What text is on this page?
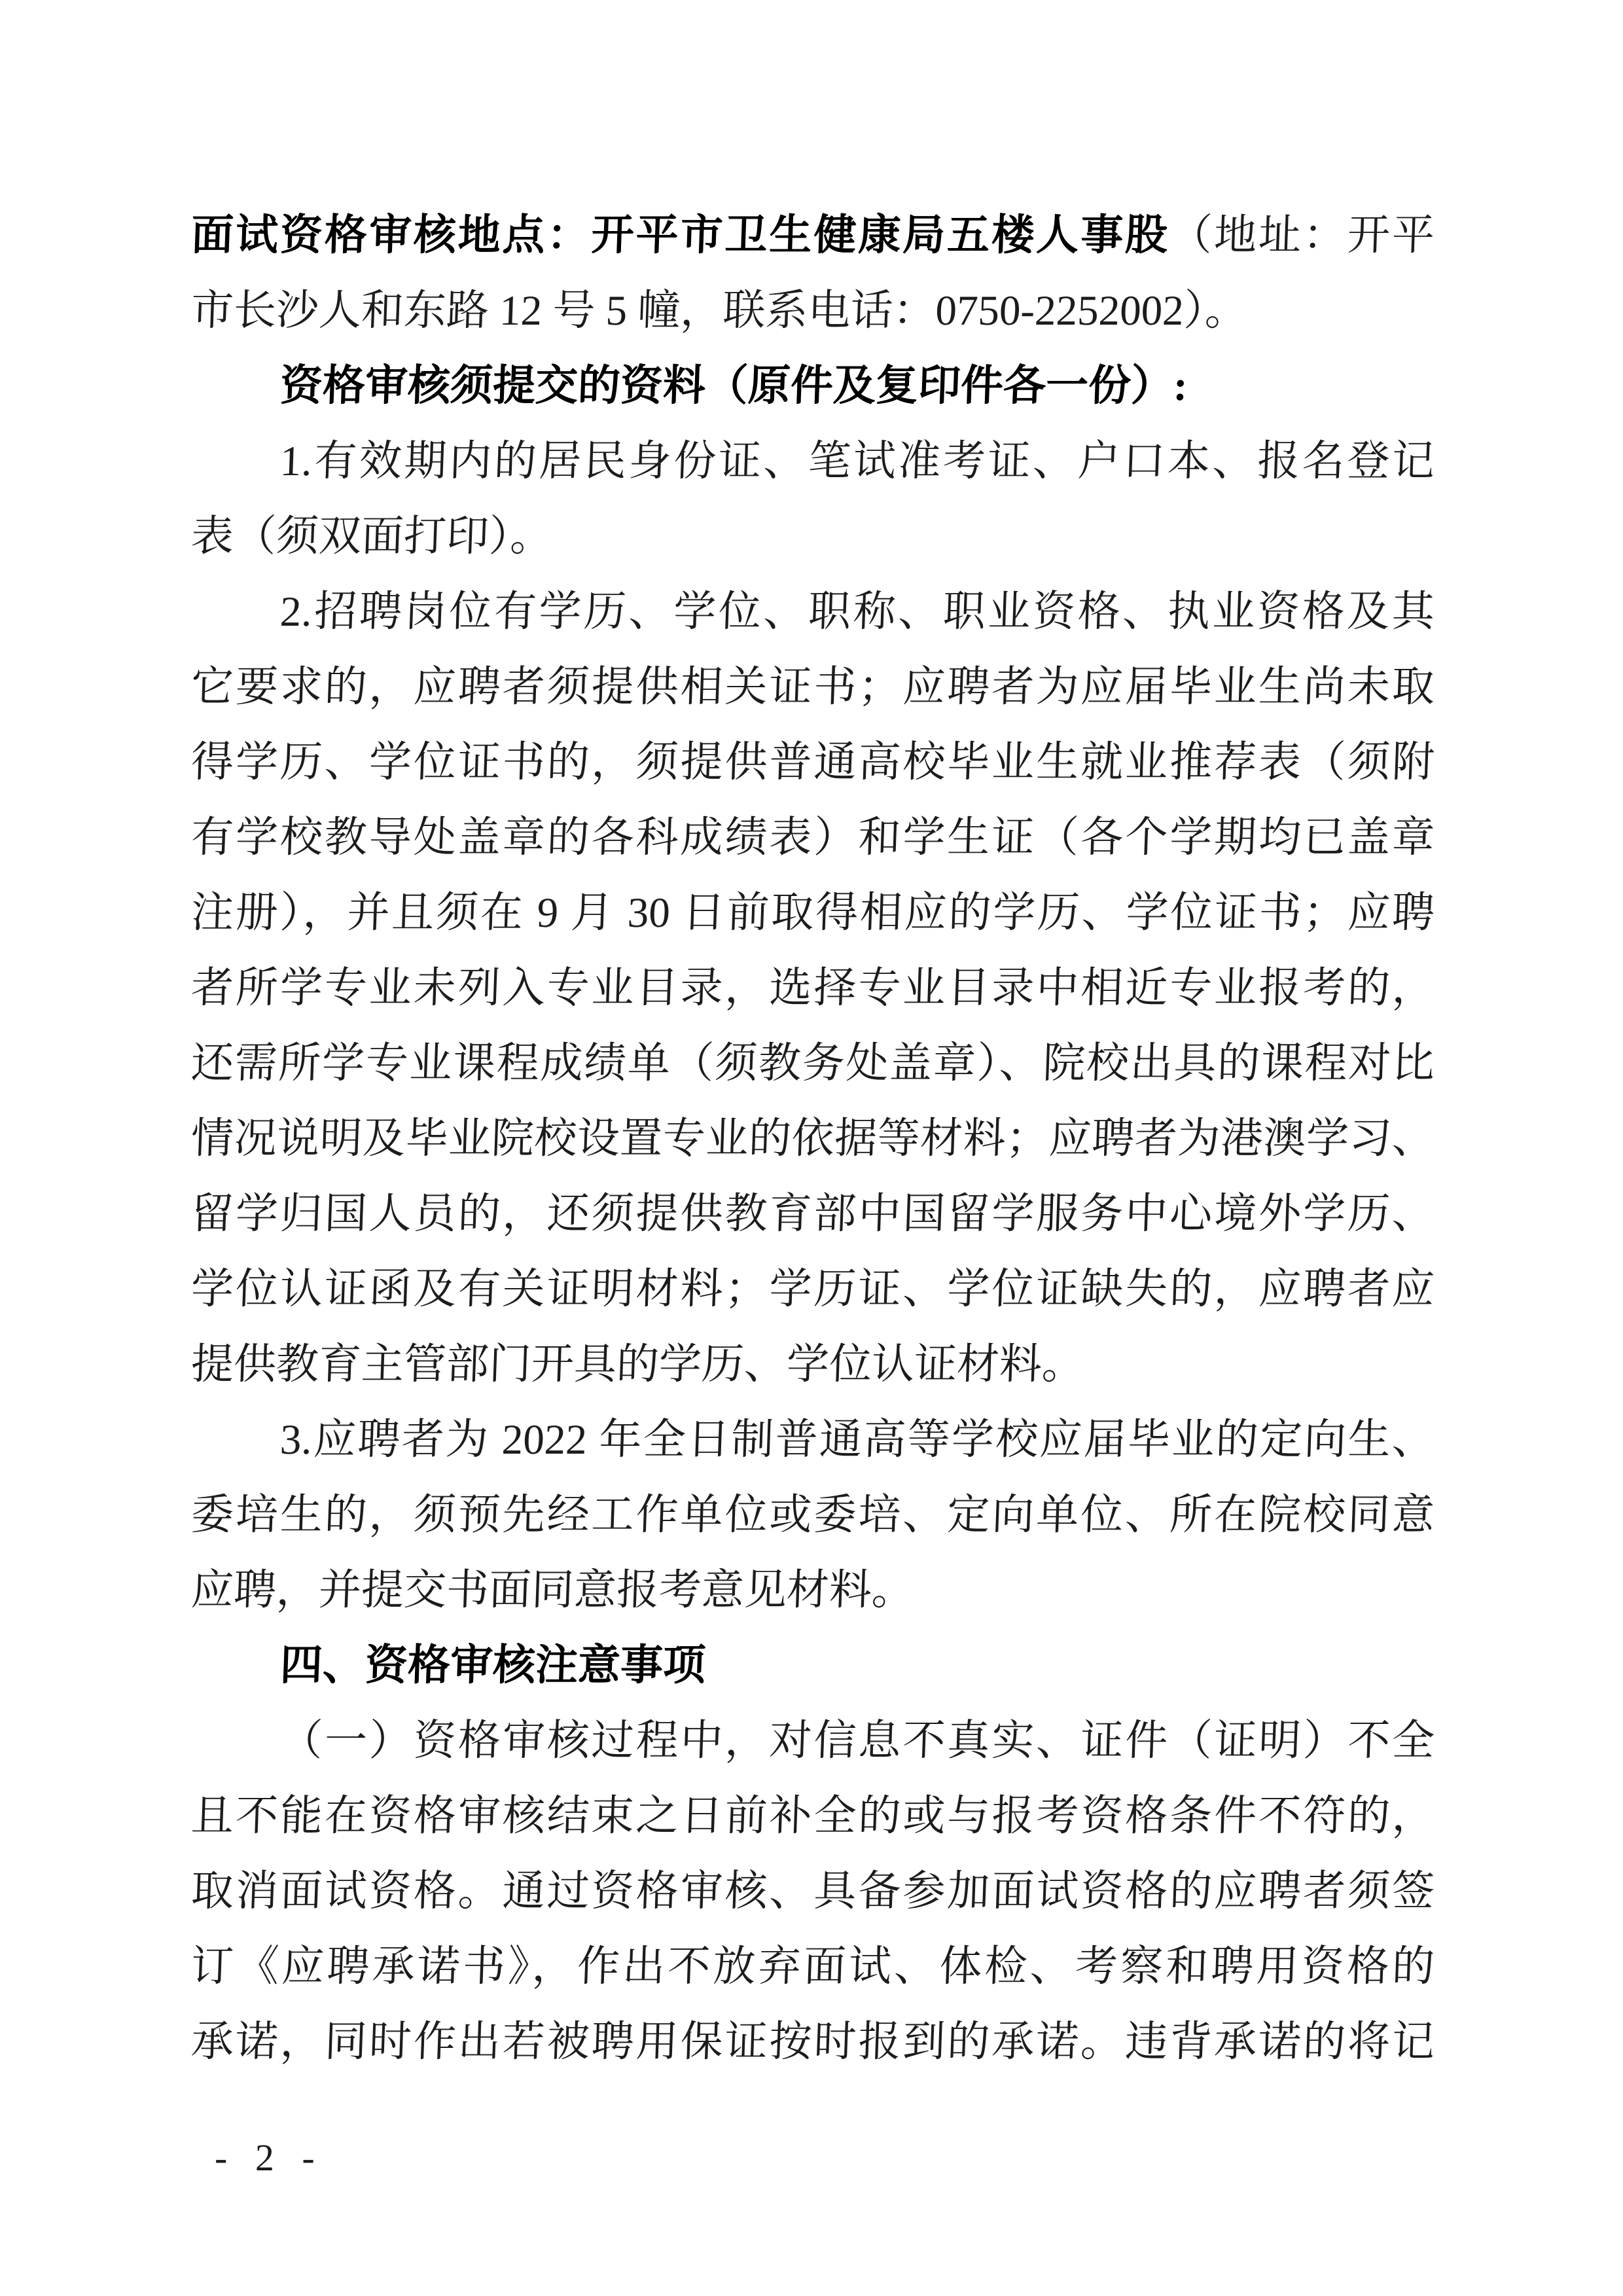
面试资格审核地点：开平市卫生健康局五楼人事股（地址：开平
市长沙人和东路 12 号 5 幢，联系电话：0750-2252002）。
资格审核须提交的资料（原件及复印件各一份）:
1.有效期内的居民身份证、笔试准考证、户口本、报名登记
表（须双面打印）。
2.招聘岗位有学历、学位、职称、职业资格、执业资格及其
它要求的，应聘者须提供相关证书；应聘者为应届毕业生尚未取
得学历、学位证书的，须提供普通高校毕业生就业推荐表（须附
有学校教导处盖章的各科成绩表）和学生证（各个学期均已盖章
注册），并且须在 9 月 30 日前取得相应的学历、学位证书；应聘
者所学专业未列入专业目录，选择专业目录中相近专业报考的，
还需所学专业课程成绩单（须教务处盖章）、院校出具的课程对比
情况说明及毕业院校设置专业的依据等材料；应聘者为港澳学习、
留学归国人员的，还须提供教育部中国留学服务中心境外学历、
学位认证函及有关证明材料；学历证、学位证缺失的，应聘者应
提供教育主管部门开具的学历、学位认证材料。
3.应聘者为 2022 年全日制普通高等学校应届毕业的定向生、
委培生的，须预先经工作单位或委培、定向单位、所在院校同意
应聘，并提交书面同意报考意见材料。
四、资格审核注意事项
（一）资格审核过程中，对信息不真实、证件（证明）不全
且不能在资格审核结束之日前补全的或与报考资格条件不符的，
取消面试资格。通过资格审核、具备参加面试资格的应聘者须签
订《应聘承诺书》，作出不放弃面试、体检、考察和聘用资格的
承诺，同时作出若被聘用保证按时报到的承诺。违背承诺的将记
- 2 -
